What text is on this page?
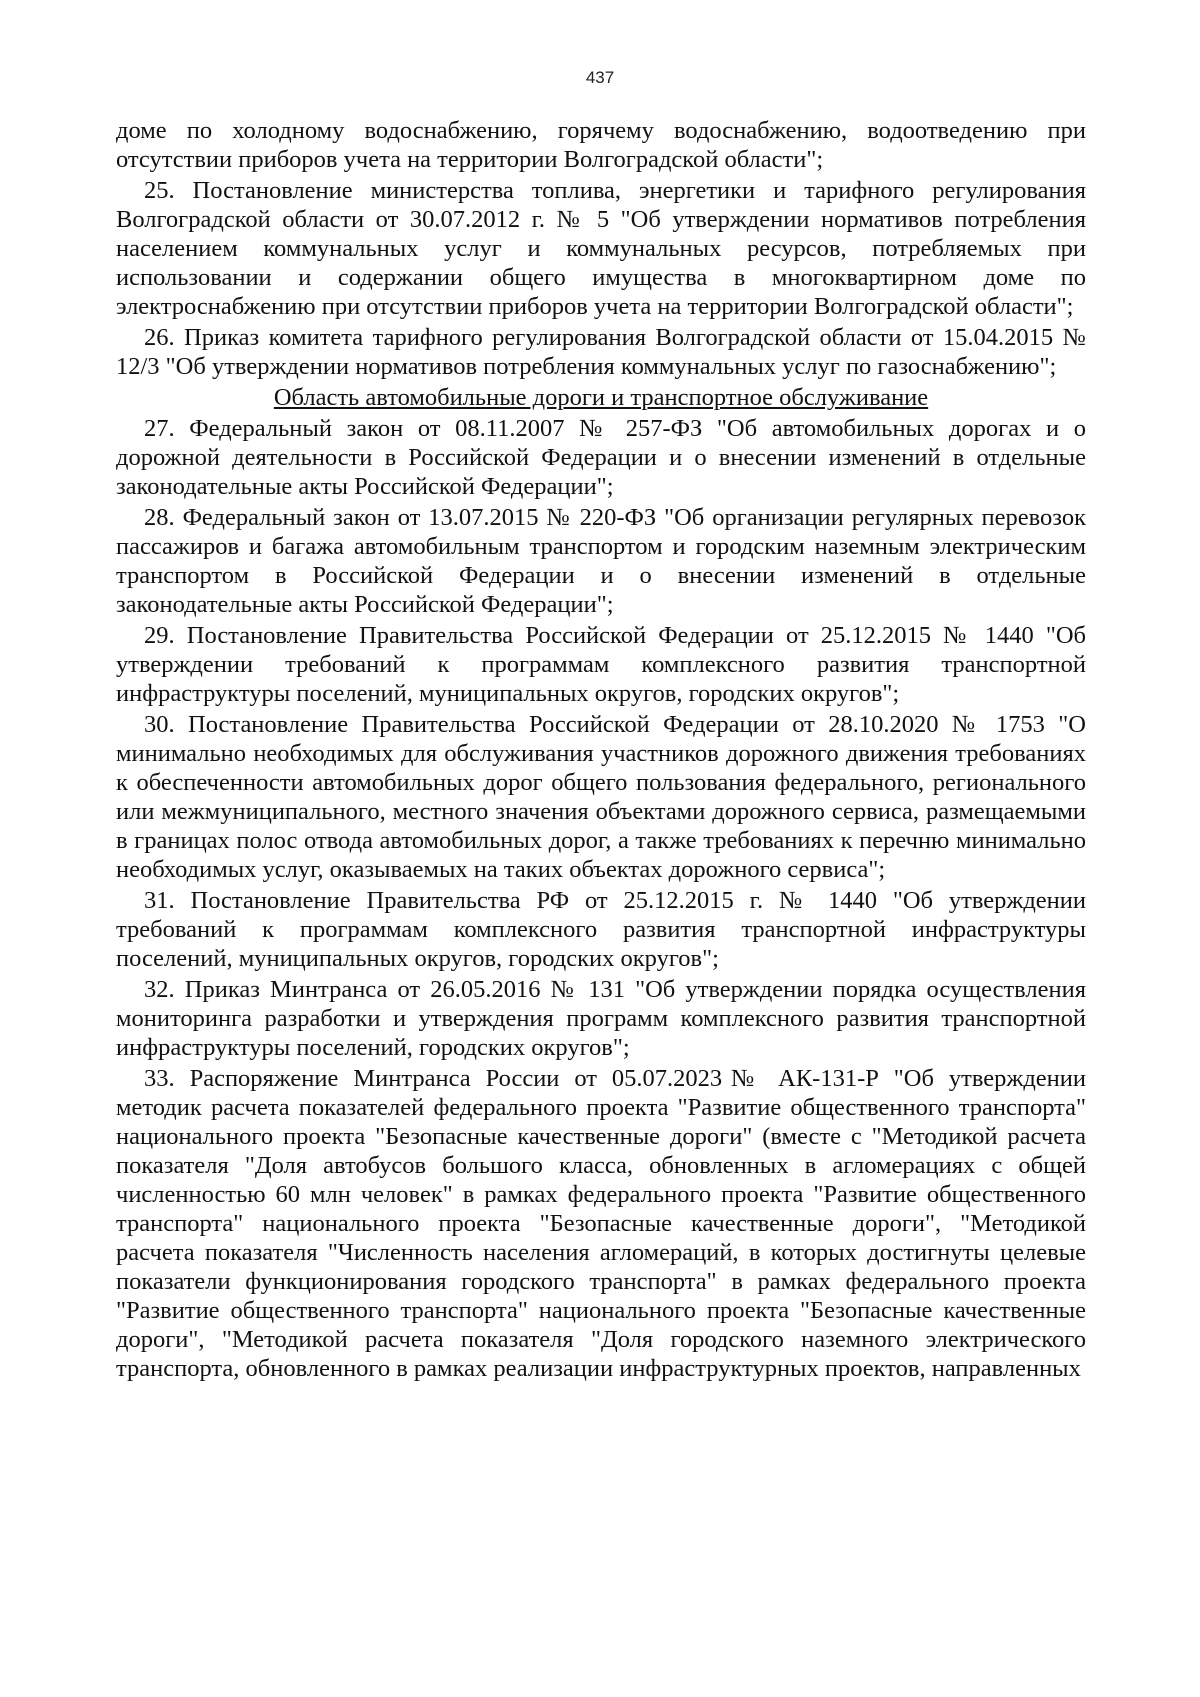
437

доме по холодному водоснабжению, горячему водоснабжению, водоотведению при отсутствии приборов учета на территории Волгоградской области";

25. Постановление министерства топлива, энергетики и тарифного регулирования Волгоградской области от 30.07.2012 г. № 5 "Об утверждении нормативов потребления населением коммунальных услуг и коммунальных ресурсов, потребляемых при использовании и содержании общего имущества в многоквартирном доме по электроснабжению при отсутствии приборов учета на территории Волгоградской области";

26. Приказ комитета тарифного регулирования Волгоградской области от 15.04.2015 № 12/3 "Об утверждении нормативов потребления коммунальных услуг по газоснабжению";

Область автомобильные дороги и транспортное обслуживание

27. Федеральный закон от 08.11.2007 № 257-ФЗ "Об автомобильных дорогах и о дорожной деятельности в Российской Федерации и о внесении изменений в отдельные законодательные акты Российской Федерации";

28. Федеральный закон от 13.07.2015 № 220-ФЗ "Об организации регулярных перевозок пассажиров и багажа автомобильным транспортом и городским наземным электрическим транспортом в Российской Федерации и о внесении изменений в отдельные законодательные акты Российской Федерации";

29. Постановление Правительства Российской Федерации от 25.12.2015 № 1440 "Об утверждении требований к программам комплексного развития транспортной инфраструктуры поселений, муниципальных округов, городских округов";

30. Постановление Правительства Российской Федерации от 28.10.2020 № 1753 "О минимально необходимых для обслуживания участников дорожного движения требованиях к обеспеченности автомобильных дорог общего пользования федерального, регионального или межмуниципального, местного значения объектами дорожного сервиса, размещаемыми в границах полос отвода автомобильных дорог, а также требованиях к перечню минимально необходимых услуг, оказываемых на таких объектах дорожного сервиса";

31. Постановление Правительства РФ от 25.12.2015 г. № 1440 "Об утверждении требований к программам комплексного развития транспортной инфраструктуры поселений, муниципальных округов, городских округов";

32. Приказ Минтранса от 26.05.2016 № 131 "Об утверждении порядка осуществления мониторинга разработки и утверждения программ комплексного развития транспортной инфраструктуры поселений, городских округов";

33. Распоряжение Минтранса России от 05.07.2023№ АК-131-Р "Об утверждении методик расчета показателей федерального проекта "Развитие общественного транспорта" национального проекта "Безопасные качественные дороги" (вместе с "Методикой расчета показателя "Доля автобусов большого класса, обновленных в агломерациях с общей численностью 60 млн человек" в рамках федерального проекта "Развитие общественного транспорта" национального проекта "Безопасные качественные дороги", "Методикой расчета показателя "Численность населения агломераций, в которых достигнуты целевые показатели функционирования городского транспорта" в рамках федерального проекта "Развитие общественного транспорта" национального проекта "Безопасные качественные дороги", "Методикой расчета показателя "Доля городского наземного электрического транспорта, обновленного в рамках реализации инфраструктурных проектов, направленных
